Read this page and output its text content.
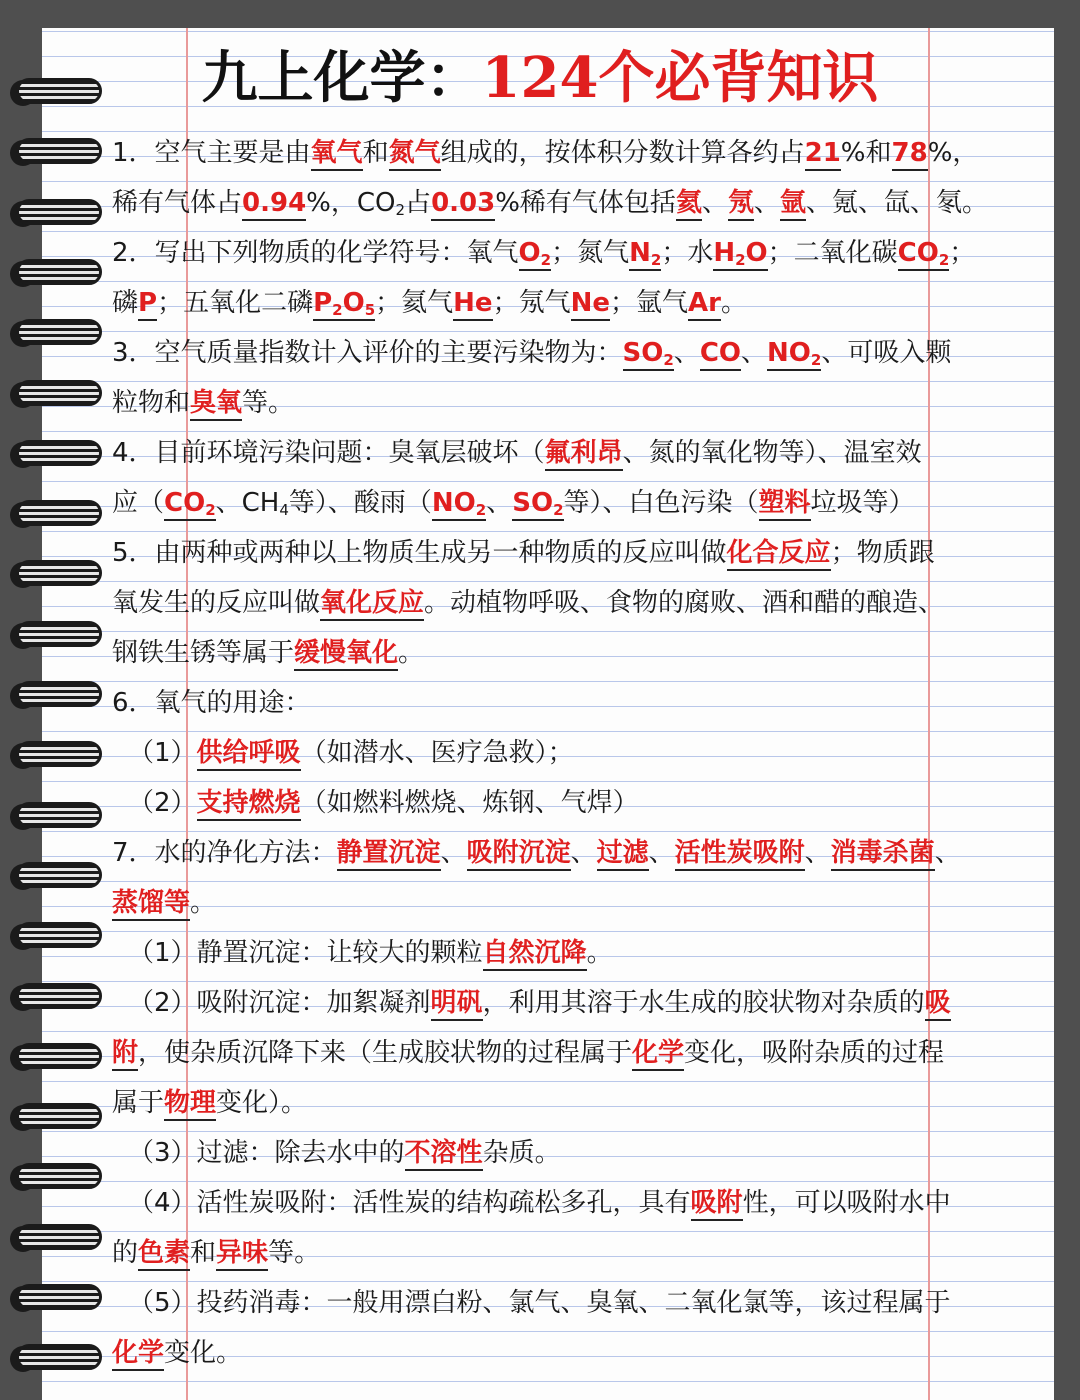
九上化学：124个必背知识

1．空气主要是由氧气和氮气组成的，按体积分数计算各约占21%和78%，

稀有气体占0.94%，$CO_2$占0.03%稀有气体包括氦、氖、氩、氪、氙、氡。

2．写出下列物质的化学符号：氧气$O_2$；氮气$N_2$；水$H_2O$；二氧化碳$CO_2$；

磷P；五氧化二磷$P_2O_5$；氦气He；氖气Ne；氩气Ar。

3．空气质量指数计入评价的主要污染物为：$SO_2$、CO、$NO_2$、可吸入颗

粒物和臭氧等。

4．目前环境污染问题：臭氧层破坏（氟利昂、氮的氧化物等）、温室效

应（$CO_2$、$CH_4$等）、酸雨（$NO_2$、$SO_2$等）、白色污染（塑料垃圾等）

5．由两种或两种以上物质生成另一种物质的反应叫做化合反应；物质跟

氧发生的反应叫做氧化反应。动植物呼吸、食物的腐败、酒和醋的酿造、

钢铁生锈等属于缓慢氧化。

6．氧气的用途：

（1）供给呼吸（如潜水、医疗急救）；

（2）支持燃烧（如燃料燃烧、炼钢、气焊）

7．水的净化方法：静置沉淀、吸附沉淀、过滤、活性炭吸附、消毒杀菌、

蒸馏等。

（1）静置沉淀：让较大的颗粒自然沉降。

（2）吸附沉淀：加絮凝剂明矾，利用其溶于水生成的胶状物对杂质的吸

附，使杂质沉降下来（生成胶状物的过程属于化学变化，吸附杂质的过程

属于物理变化）。

（3）过滤：除去水中的不溶性杂质。

（4）活性炭吸附：活性炭的结构疏松多孔，具有吸附性，可以吸附水中

的色素和异味等。

（5）投药消毒：一般用漂白粉、氯气、臭氧、二氧化氯等，该过程属于

化学变化。
